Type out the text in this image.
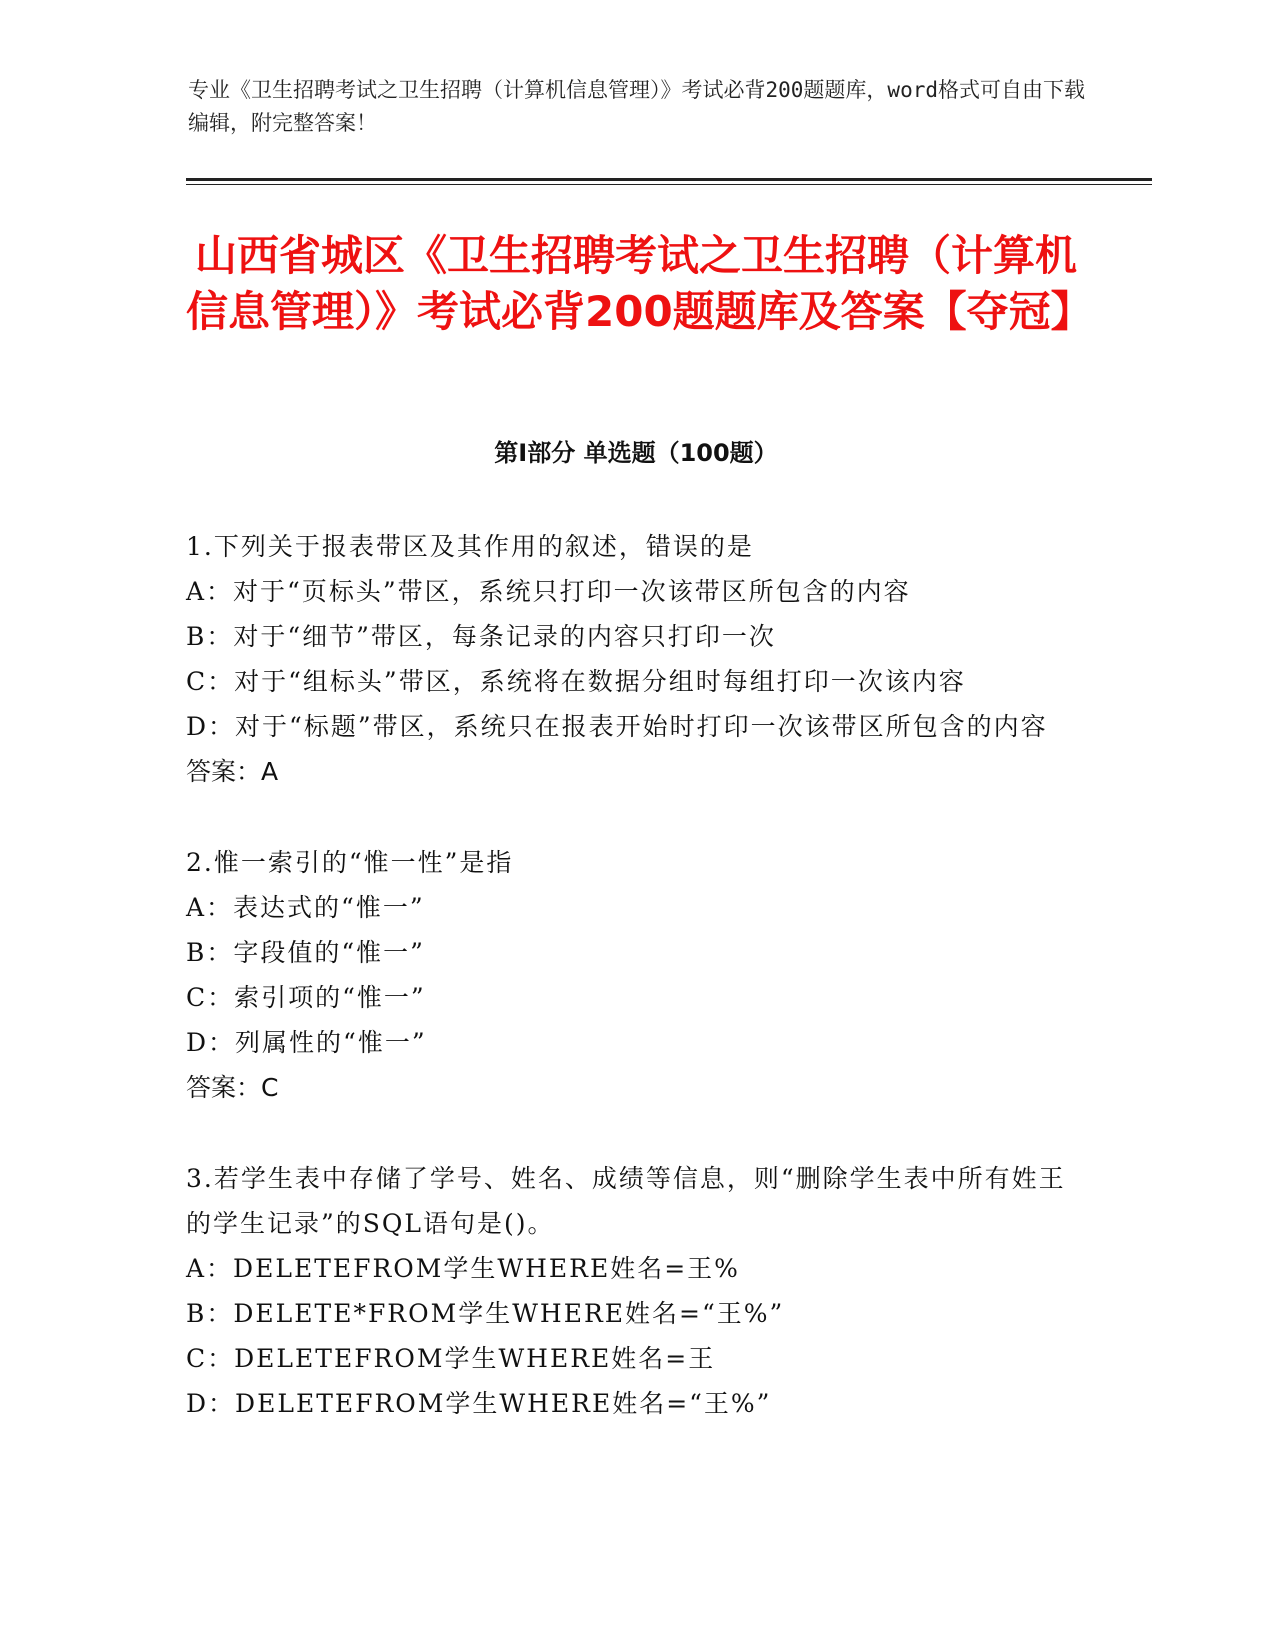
专业《卫生招聘考试之卫生招聘（计算机信息管理）》考试必背200题题库，word格式可自由下载编辑，附完整答案！
山西省城区《卫生招聘考试之卫生招聘（计算机信息管理）》考试必背200题题库及答案【夺冠】
第Ⅰ部分 单选题（100题）
1.下列关于报表带区及其作用的叙述，错误的是
A：对于“页标头”带区，系统只打印一次该带区所包含的内容
B：对于“细节”带区，每条记录的内容只打印一次
C：对于“组标头”带区，系统将在数据分组时每组打印一次该内容
D：对于“标题”带区，系统只在报表开始时打印一次该带区所包含的内容
答案：A
2.惟一索引的“惟一性”是指
A：表达式的“惟一”
B：字段值的“惟一”
C：索引项的“惟一”
D：列属性的“惟一”
答案：C
3.若学生表中存储了学号、姓名、成绩等信息，则“删除学生表中所有姓王的学生记录”的SQL语句是()。
A：DELETEFROM学生WHERE姓名=王%
B：DELETE*FROM学生WHERE姓名=“王%”
C：DELETEFROM学生WHERE姓名=王
D：DELETEFROM学生WHERE姓名=“王%”
